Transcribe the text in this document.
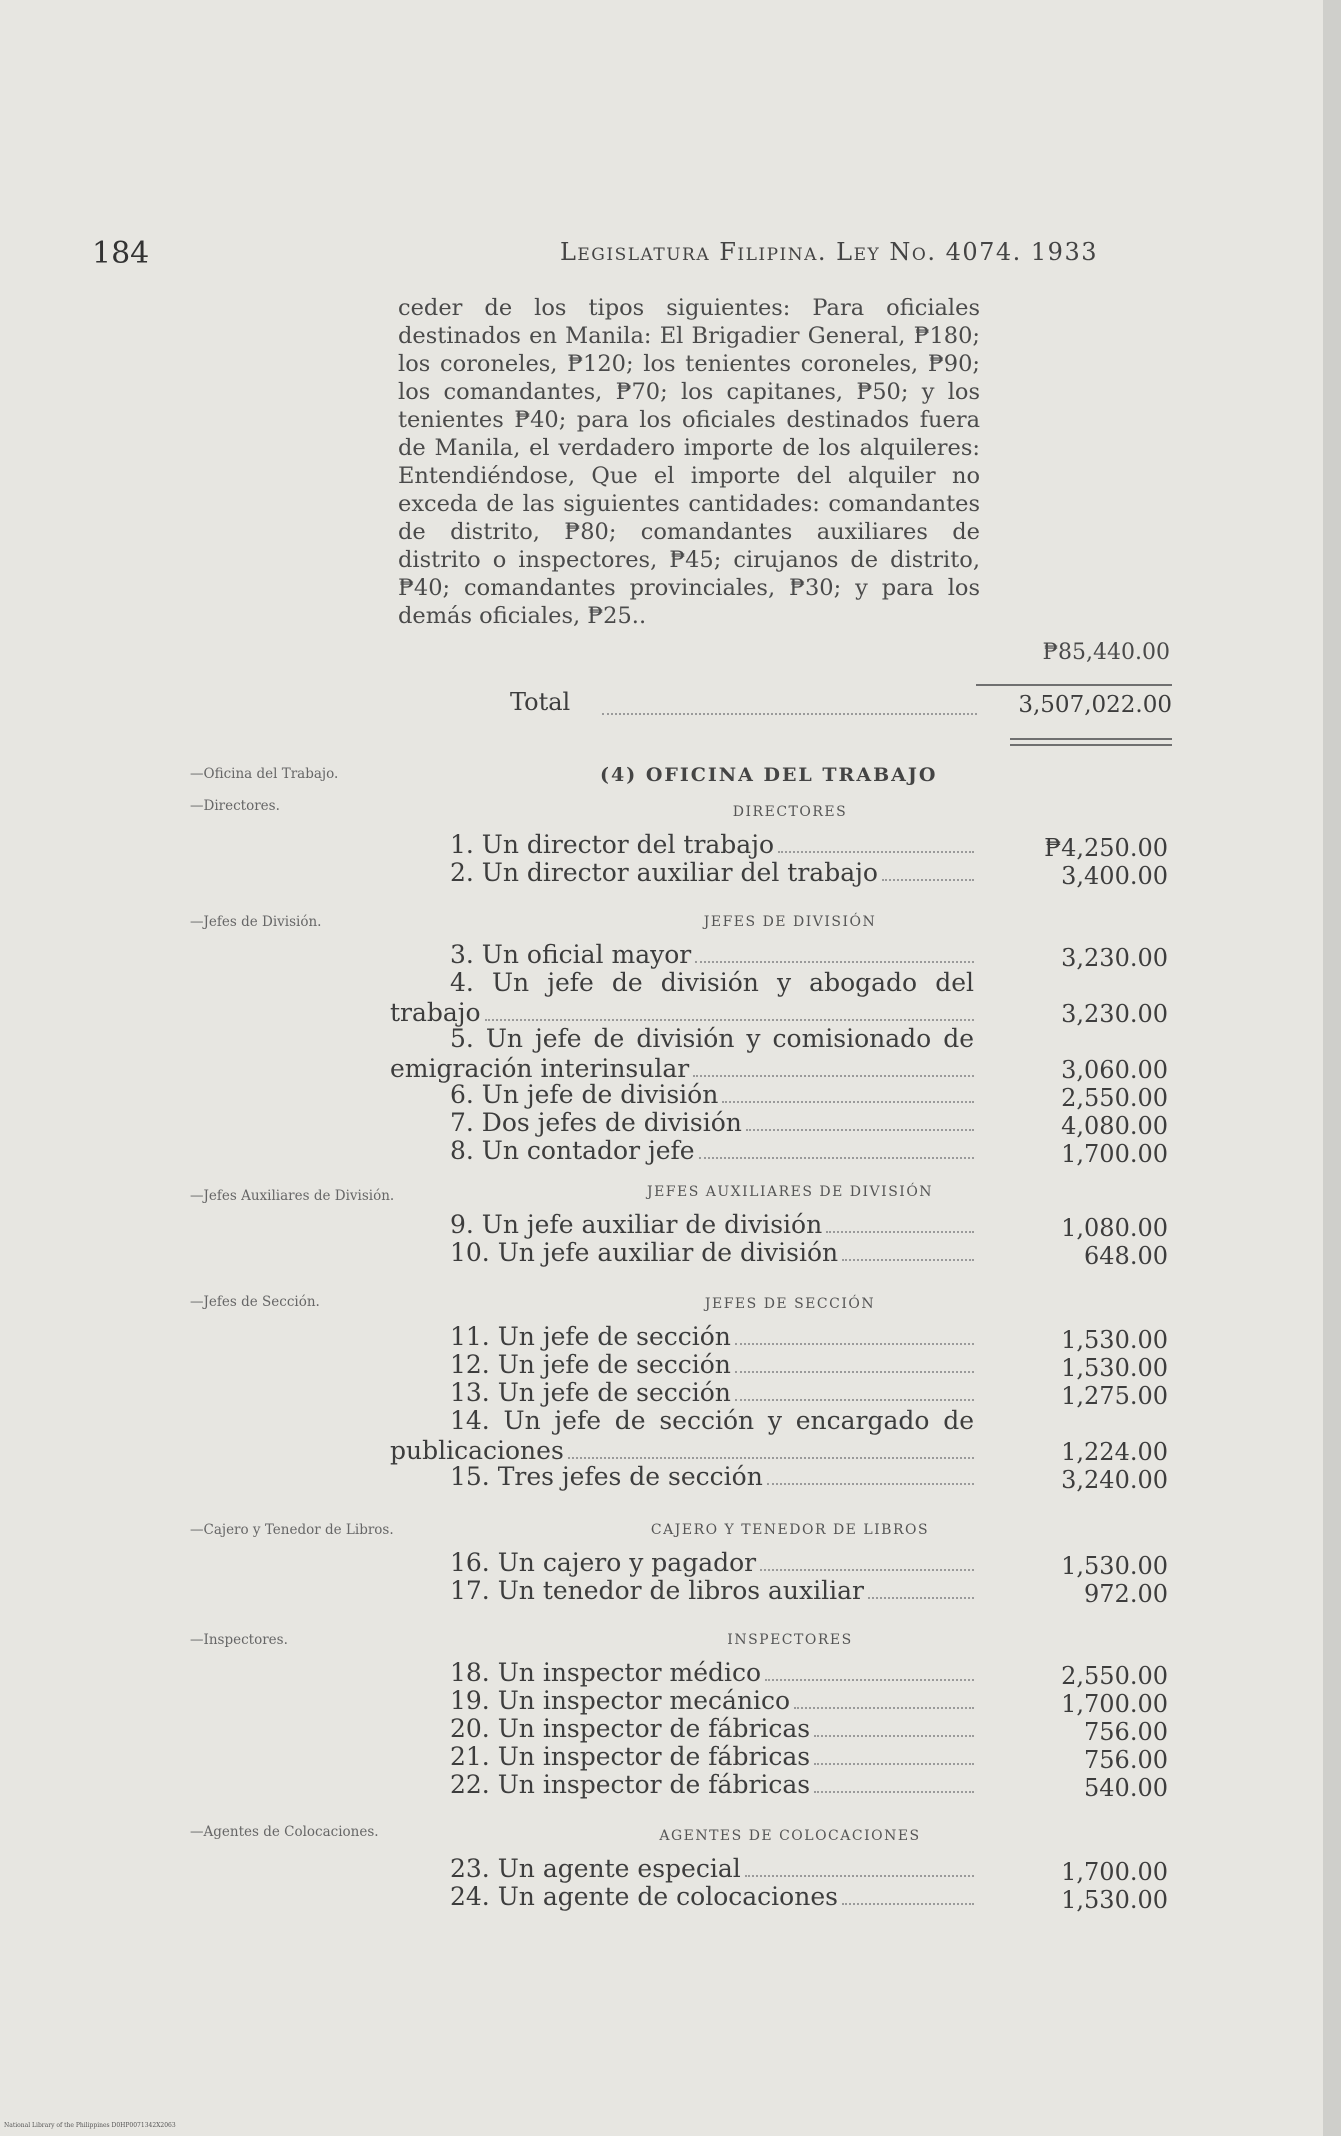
184	Legislatura Filipina. Ley No. 4074. 1933
ceder de los tipos siguientes: Para oficiales destinados en Manila: El Brigadier General, ₱180; los coroneles, ₱120; los tenientes coroneles, ₱90; los comandantes, ₱70; los capitanes, ₱50; y los tenientes ₱40; para los oficiales destinados fuera de Manila, el verdadero importe de los alquileres: Entendiéndose, Que el importe del alquiler no exceda de las siguientes cantidades: comandantes de distrito, ₱80; comandantes auxiliares de distrito o inspectores, ₱45; cirujanos de distrito, ₱40; comandantes provinciales, ₱30; y para los demás oficiales, ₱25..
₱85,440.00
Total	3,507,022.00
—Oficina del Trabajo.	(4) OFICINA DEL TRABAJO
—Directores.	DIRECTORES
1. Un director del trabajo	₱4,250.00
2. Un director auxiliar del trabajo	3,400.00
—Jefes de División.	JEFES DE DIVISIÓN
3. Un oficial mayor	3,230.00
4. Un jefe de división y abogado del
trabajo	3,230.00
5. Un jefe de división y comisionado de
emigración interinsular	3,060.00
6. Un jefe de división	2,550.00
7. Dos jefes de división	4,080.00
8. Un contador jefe	1,700.00
—Jefes Auxiliares de División.	JEFES AUXILIARES DE DIVISIÓN
9. Un jefe auxiliar de división	1,080.00
10. Un jefe auxiliar de división	648.00
—Jefes de Sección.	JEFES DE SECCIÓN
11. Un jefe de sección	1,530.00
12. Un jefe de sección	1,530.00
13. Un jefe de sección	1,275.00
14. Un jefe de sección y encargado de
publicaciones	1,224.00
15. Tres jefes de sección	3,240.00
—Cajero y Tenedor de Libros.	CAJERO Y TENEDOR DE LIBROS
16. Un cajero y pagador	1,530.00
17. Un tenedor de libros auxiliar	972.00
—Inspectores.	INSPECTORES
18. Un inspector médico	2,550.00
19. Un inspector mecánico	1,700.00
20. Un inspector de fábricas	756.00
21. Un inspector de fábricas	756.00
22. Un inspector de fábricas	540.00
—Agentes de Colocaciones.	AGENTES DE COLOCACIONES
23. Un agente especial	1,700.00
24. Un agente de colocaciones	1,530.00
National Library of the Philippines D0HP0071342X2063
